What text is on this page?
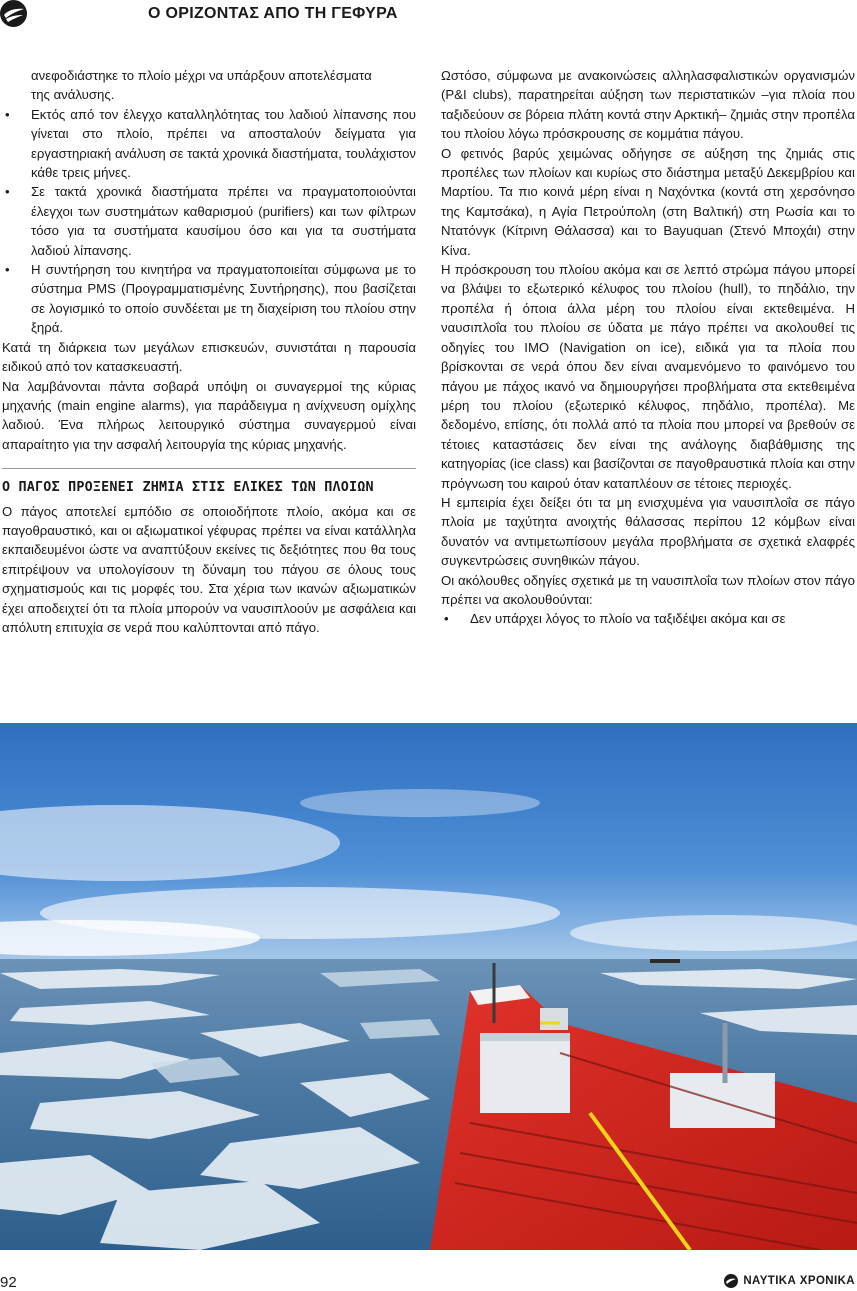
Ο ΟΡΙΖΟΝΤΑΣ ΑΠΟ ΤΗ ΓΕΦΥΡΑ

ανεφοδιάστηκε το πλοίο μέχρι να υπάρξουν αποτελέσματα

της ανάλυσης.

• Εκτός από τον έλεγχο καταλληλότητας του λαδιού λίπανσης που γίνεται στο πλοίο, πρέπει να αποσταλούν δείγματα για εργαστηριακή ανάλυση σε τακτά χρονικά διαστήματα, τουλάχιστον κάθε τρεις μήνες.
• Σε τακτά χρονικά διαστήματα πρέπει να πραγματοποιούνται έλεγχοι των συστημάτων καθαρισμού (purifiers) και των φίλτρων τόσο για τα συστήματα καυσίμου όσο και για τα συστήματα λαδιού λίπανσης.
• Η συντήρηση του κινητήρα να πραγματοποιείται σύμφωνα με το σύστημα PMS (Προγραμματισμένης Συντήρησης), που βασίζεται σε λογισμικό το οποίο συνδέεται με τη διαχείριση του πλοίου στην ξηρά.

Κατά τη διάρκεια των μεγάλων επισκευών, συνιστάται η παρουσία ειδικού από τον κατασκευαστή.

Να λαμβάνονται πάντα σοβαρά υπόψη οι συναγερμοί της κύριας μηχανής (main engine alarms), για παράδειγμα η ανίχνευση ομίχλης λαδιού. Ένα πλήρως λειτουργικό σύστημα συναγερμού είναι απαραίτητο για την ασφαλή λειτουργία της κύριας μηχανής.

Ο ΠΑΓΟΣ ΠΡΟΞΕΝΕΙ ΖΗΜΙΑ ΣΤΙΣ ΕΛΙΚΕΣ ΤΩΝ ΠΛΟΙΩΝ

Ο πάγος αποτελεί εμπόδιο σε οποιοδήποτε πλοίο, ακόμα και σε παγοθραυστικό, και οι αξιωματικοί γέφυρας πρέπει να είναι κατάλληλα εκπαιδευμένοι ώστε να αναπτύξουν εκείνες τις δεξιότητες που θα τους επιτρέψουν να υπολογίσουν τη δύναμη του πάγου σε όλους τους σχηματισμούς και τις μορφές του. Στα χέρια των ικανών αξιωματικών έχει αποδειχτεί ότι τα πλοία μπορούν να ναυσιπλοούν με ασφάλεια και απόλυτη επιτυχία σε νερά που καλύπτονται από πάγο.

Ωστόσο, σύμφωνα με ανακοινώσεις αλληλασφαλιστικών οργανισμών (P&I clubs), παρατηρείται αύξηση των περιστατικών –για πλοία που ταξιδεύουν σε βόρεια πλάτη κοντά στην Αρκτική– ζημιάς στην προπέλα του πλοίου λόγω πρόσκρουσης σε κομμάτια πάγου.

Ο φετινός βαρύς χειμώνας οδήγησε σε αύξηση της ζημιάς στις προπέλες των πλοίων και κυρίως στο διάστημα μεταξύ Δεκεμβρίου και Μαρτίου. Τα πιο κοινά μέρη είναι η Ναχόντκα (κοντά στη χερσόνησο της Καμτσάκα), η Αγία Πετρούπολη (στη Βαλτική) στη Ρωσία και το Ντατόνγκ (Κίτρινη Θάλασσα) και το Bayuquan (Στενό Μποχάι) στην Κίνα.

Η πρόσκρουση του πλοίου ακόμα και σε λεπτό στρώμα πάγου μπορεί να βλάψει το εξωτερικό κέλυφος του πλοίου (hull), το πηδάλιο, την προπέλα ή όποια άλλα μέρη του πλοίου είναι εκτεθειμένα. Η ναυσιπλοΐα του πλοίου σε ύδατα με πάγο πρέπει να ακολουθεί τις οδηγίες του IMO (Navigation on ice), ειδικά για τα πλοία που βρίσκονται σε νερά όπου δεν είναι αναμενόμενο το φαινόμενο του πάγου με πάχος ικανό να δημιουργήσει προβλήματα στα εκτεθειμένα μέρη του πλοίου (εξωτερικό κέλυφος, πηδάλιο, προπέλα). Με δεδομένο, επίσης, ότι πολλά από τα πλοία που μπορεί να βρεθούν σε τέτοιες καταστάσεις δεν είναι της ανάλογης διαβάθμισης της κατηγορίας (ice class) και βασίζονται σε παγοθραυστικά πλοία και στην πρόγνωση του καιρού όταν καταπλέουν σε τέτοιες περιοχές.

Η εμπειρία έχει δείξει ότι τα μη ενισχυμένα για ναυσιπλοΐα σε πάγο πλοία με ταχύτητα ανοιχτής θάλασσας περίπου 12 κόμβων είναι δυνατόν να αντιμετωπίσουν μεγάλα προβλήματα σε σχετικά ελαφρές συγκεντρώσεις συνηθικών πάγου.

Οι ακόλουθες οδηγίες σχετικά με τη ναυσιπλοΐα των πλοίων στον πάγο πρέπει να ακολουθούνται:

• Δεν υπάρχει λόγος το πλοίο να ταξιδέψει ακόμα και σε
92	ΝΑΥΤΙΚΑ ΧΡΟΝΙΚΑ
